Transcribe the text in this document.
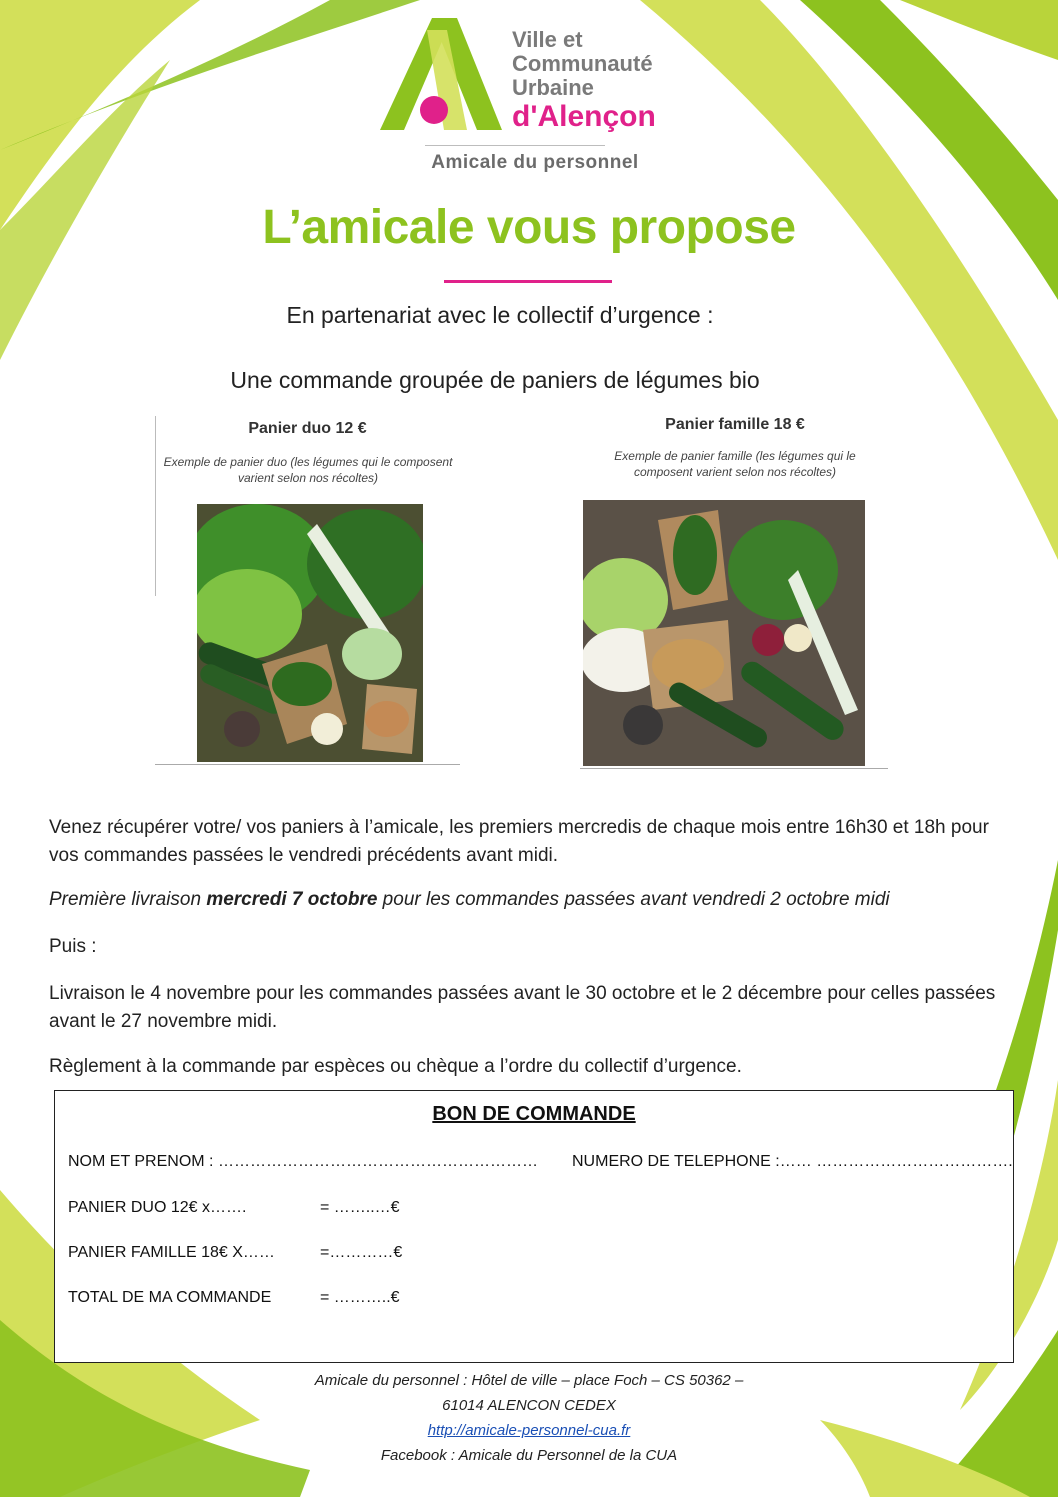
Ville et
Communauté
Urbaine
d'Alençon
Amicale du personnel
L’amicale vous propose
En partenariat avec le collectif d’urgence :
Une commande groupée de paniers de légumes bio
Panier duo 12 €
Exemple de panier duo (les légumes qui le composent varient selon nos récoltes)
Panier famille 18 €
Exemple de panier famille (les légumes qui le composent varient selon nos récoltes)
Venez récupérer votre/ vos paniers à l’amicale, les premiers mercredis de chaque mois entre 16h30 et 18h pour vos commandes passées le vendredi précédents avant midi.
Première livraison mercredi 7 octobre pour les commandes passées avant vendredi 2 octobre midi
Puis :
Livraison le 4 novembre pour les commandes passées avant le 30 octobre et le 2 décembre pour celles passées avant le 27 novembre midi.
Règlement à la commande par espèces ou chèque a l’ordre du collectif d’urgence.
BON DE COMMANDE
NOM ET PRENOM : …………………………………………………… NUMERO DE TELEPHONE :…… ……………………………….
PANIER DUO 12€ x…….	= ……..…€
PANIER FAMILLE 18€ X……	=…………€
TOTAL DE MA COMMANDE	= ………..€
Amicale du personnel : Hôtel de ville – place Foch – CS 50362 –
61014 ALENCON CEDEX
http://amicale-personnel-cua.fr
Facebook : Amicale du Personnel de la CUA
